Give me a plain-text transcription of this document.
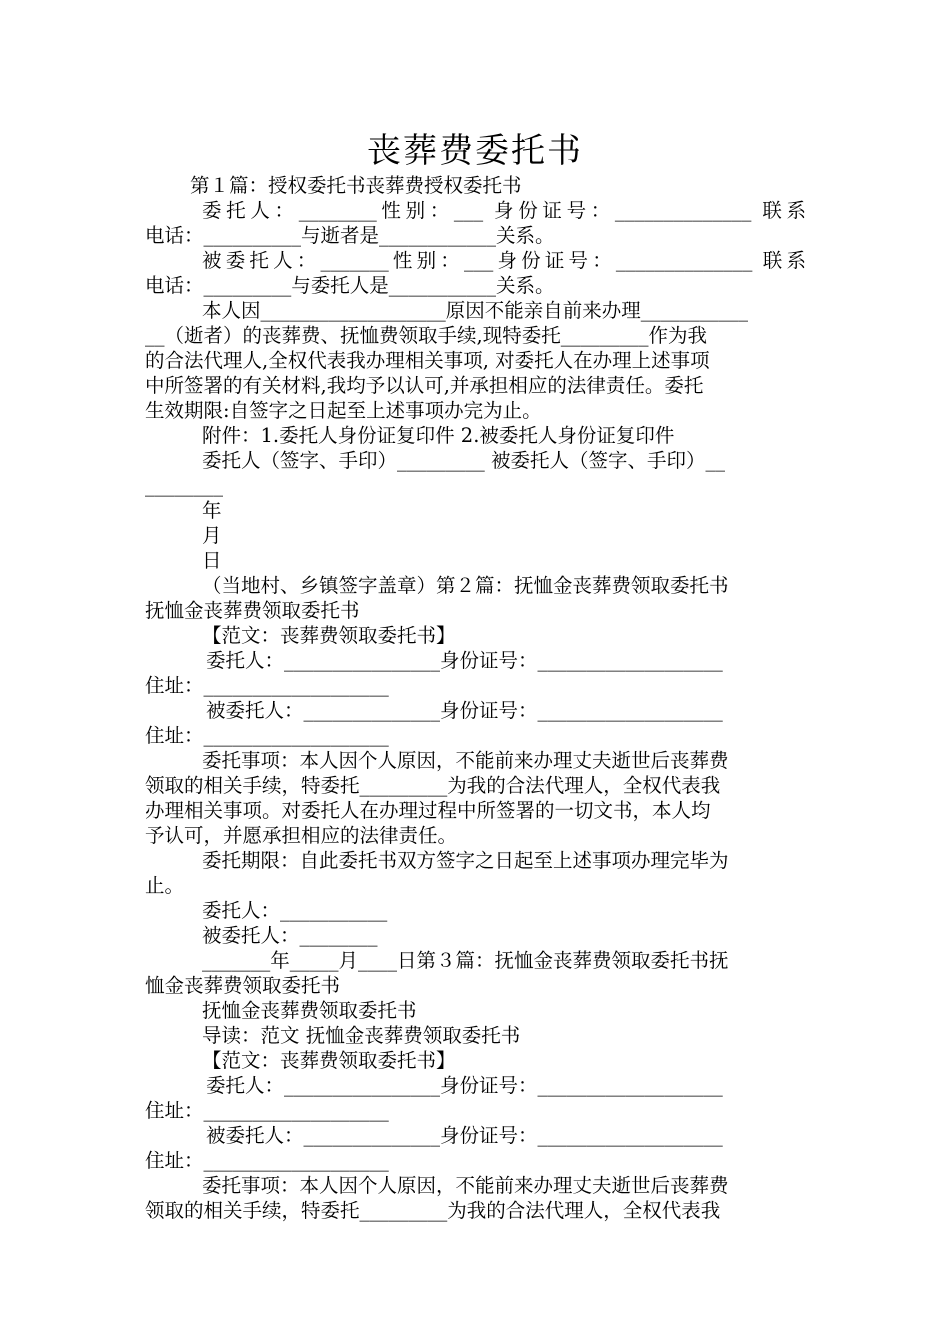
丧葬费委托书
第１篇：授权委托书丧葬费授权委托书
委托人：________性别：___ 身份证号：______________ 联系
电话：__________与逝者是____________关系。
被委托人：_______性别：___身份证号：______________ 联系
电话：_________与委托人是___________关系。
本人因___________________原因不能亲自前来办理___________
__（逝者）的丧葬费、抚恤费领取手续,现特委托_________作为我
的合法代理人,全权代表我办理相关事项, 对委托人在办理上述事项
中所签署的有关材料,我均予以认可,并承担相应的法律责任。委托
生效期限:自签字之日起至上述事项办完为止。
附件：1.委托人身份证复印件 2.被委托人身份证复印件
委托人（签字、手印）_________ 被委托人（签字、手印）__
________
年
月
日
（当地村、乡镇签字盖章）第２篇：抚恤金丧葬费领取委托书
抚恤金丧葬费领取委托书
【范文：丧葬费领取委托书】
委托人：________________身份证号：___________________
住址：___________________
被委托人：______________身份证号：___________________
住址：___________________
委托事项：本人因个人原因，不能前来办理丈夫逝世后丧葬费
领取的相关手续，特委托_________为我的合法代理人，全权代表我
办理相关事项。对委托人在办理过程中所签署的一切文书，本人均
予认可，并愿承担相应的法律责任。
委托期限：自此委托书双方签字之日起至上述事项办理完毕为
止。
委托人：___________
被委托人：________
_______年_____月____日第３篇：抚恤金丧葬费领取委托书抚
恤金丧葬费领取委托书
抚恤金丧葬费领取委托书
导读：范文 抚恤金丧葬费领取委托书
【范文：丧葬费领取委托书】
委托人：________________身份证号：___________________
住址：___________________
被委托人：______________身份证号：___________________
住址：___________________
委托事项：本人因个人原因，不能前来办理丈夫逝世后丧葬费
领取的相关手续，特委托_________为我的合法代理人，全权代表我
